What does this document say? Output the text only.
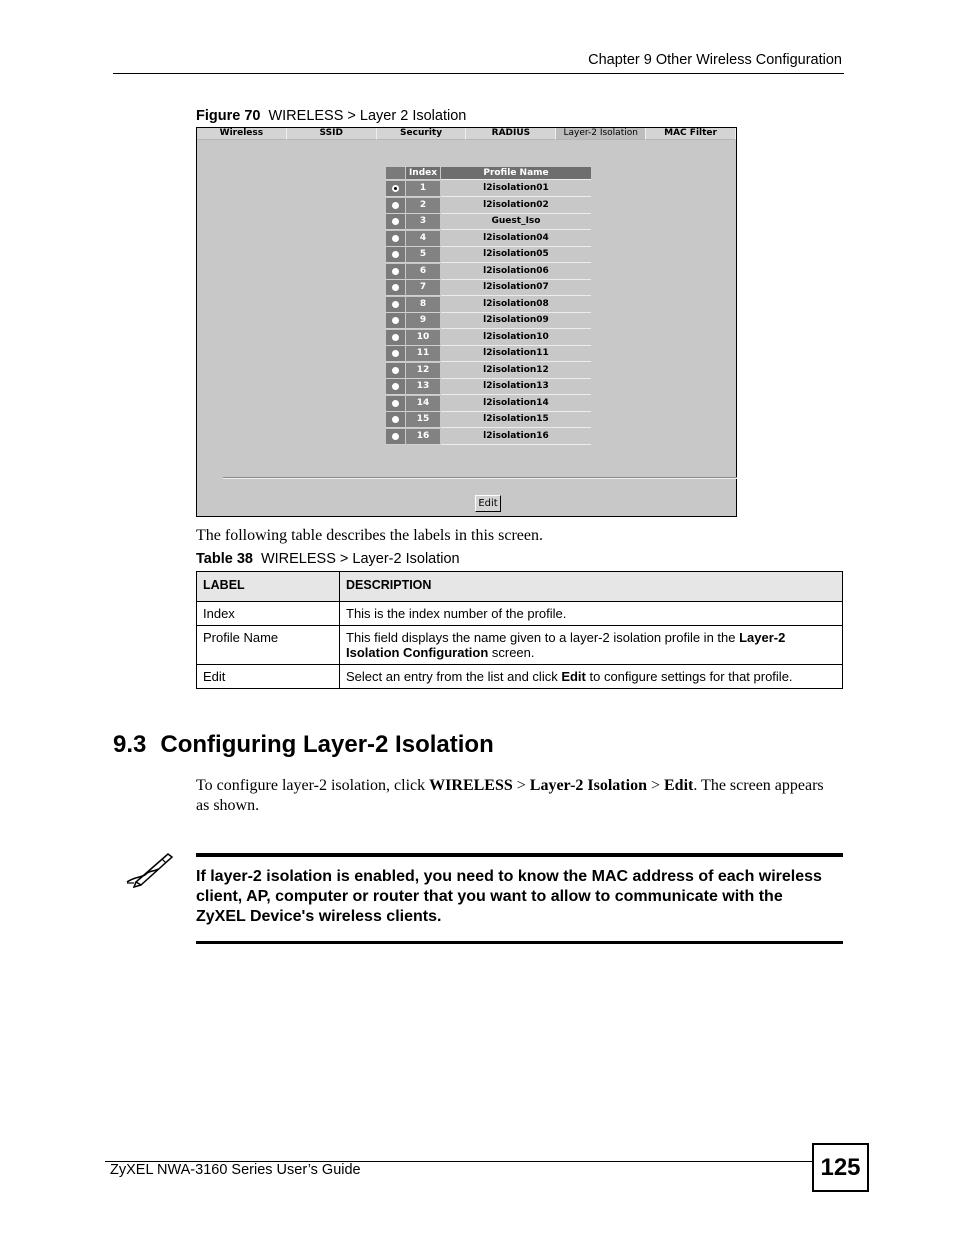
Chapter 9 Other Wireless Configuration
Figure 70 WIRELESS > Layer 2 Isolation
Wireless	SSID	Security	RADIUS	Layer-2 Isolation	MAC Filter
Index	Profile Name
1	l2isolation01
2	l2isolation02
3	Guest_Iso
4	l2isolation04
5	l2isolation05
6	l2isolation06
7	l2isolation07
8	l2isolation08
9	l2isolation09
10	l2isolation10
11	l2isolation11
12	l2isolation12
13	l2isolation13
14	l2isolation14
15	l2isolation15
16	l2isolation16
Edit
The following table describes the labels in this screen.
Table 38 WIRELESS > Layer-2 Isolation
LABEL	DESCRIPTION
Index	This is the index number of the profile.
Profile Name	This field displays the name given to a layer-2 isolation profile in the Layer-2 Isolation Configuration screen.
Edit	Select an entry from the list and click Edit to configure settings for that profile.
9.3 Configuring Layer-2 Isolation
To configure layer-2 isolation, click WIRELESS > Layer-2 Isolation > Edit. The screen appears as shown.
If layer-2 isolation is enabled, you need to know the MAC address of each wireless client, AP, computer or router that you want to allow to communicate with the ZyXEL Device's wireless clients.
ZyXEL NWA-3160 Series User’s Guide	125
